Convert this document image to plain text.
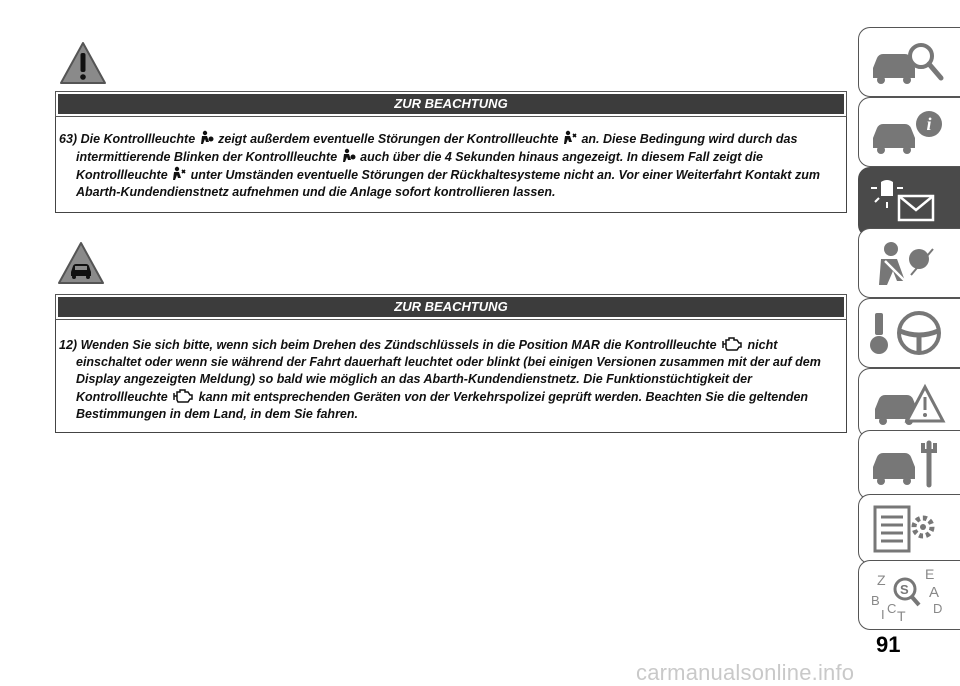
ZUR BEACHTUNG
63) Die Kontrollleuchte zeigt außerdem eventuelle Störungen der Kontrollleuchte an. Diese Bedingung wird durch das intermittierende Blinken der Kontrollleuchte auch über die 4 Sekunden hinaus angezeigt. In diesem Fall zeigt die Kontrollleuchte unter Umständen eventuelle Störungen der Rückhaltesysteme nicht an. Vor einer Weiterfahrt Kontakt zum Abarth-Kundendienstnetz aufnehmen und die Anlage sofort kontrollieren lassen.
ZUR BEACHTUNG
12) Wenden Sie sich bitte, wenn sich beim Drehen des Zündschlüssels in die Position MAR die Kontrollleuchte nicht einschaltet oder wenn sie während der Fahrt dauerhaft leuchtet oder blinkt (bei einigen Versionen zusammen mit der auf dem Display angezeigten Meldung) so bald wie möglich an das Abarth-Kundendienstnetz. Die Funktionstüchtigkeit der Kontrollleuchte kann mit entsprechenden Geräten von der Verkehrspolizei geprüft werden. Beachten Sie die geltenden Bestimmungen in dem Land, in dem Sie fahren.
i
Z	E
S A
B
C	D
T
I
91
carmanualsonline.info
